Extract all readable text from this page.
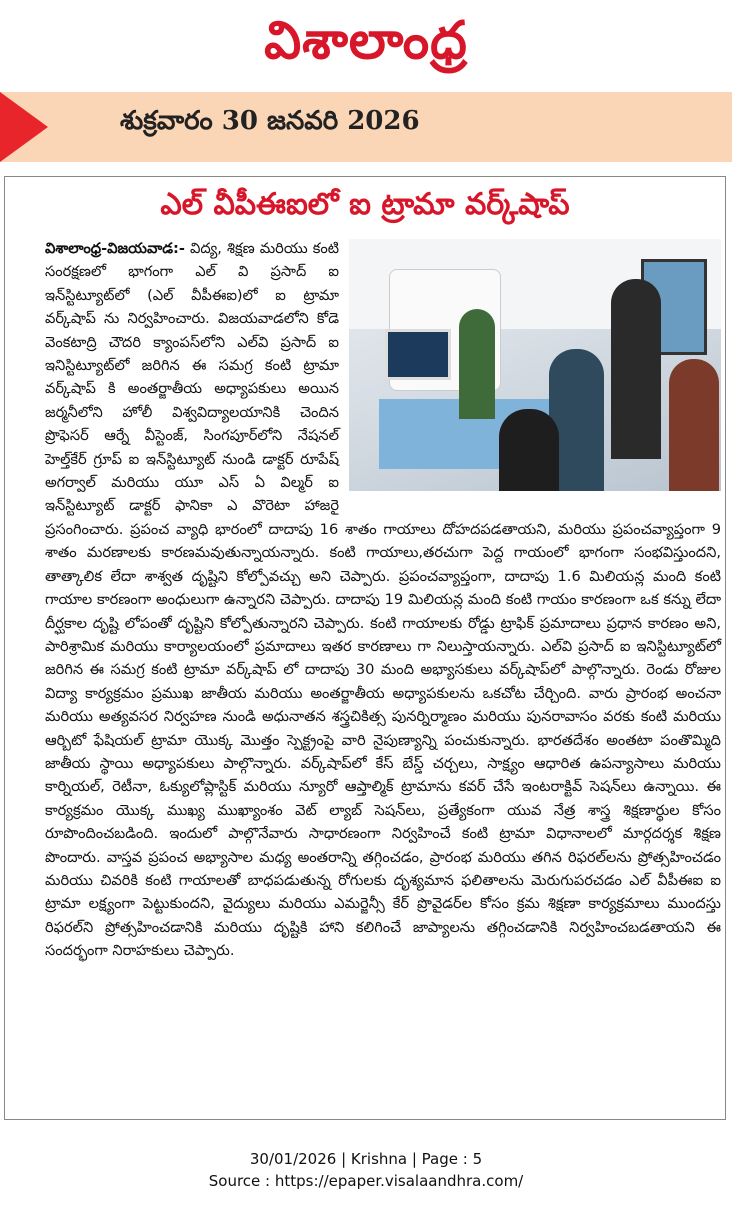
విశాలాంధ్ర
శుక్రవారం 30 జనవరి 2026
ఎల్ వీపీఈఐలో ఐ ట్రామా వర్క్‌షాప్
విశాలాంధ్ర-విజయవాడ:- విద్య, శిక్షణ మరియు కంటి సంరక్షణలో భాగంగా ఎల్ వి ప్రసాద్ ఐ ఇన్‌స్టిట్యూట్‌లో (ఎల్ వీపీఈఐ)లో ఐ ట్రామా వర్క్‌షాప్ ను నిర్వహించారు. విజయవాడలోని కోడె వెంకటాద్రి చౌదరి క్యాంపస్‌లోని ఎల్‌వి ప్రసాద్ ఐ ఇనిస్టిట్యూట్‌లో జరిగిన ఈ సమగ్ర కంటి ట్రామా వర్క్‌షాప్ కి అంతర్జాతీయ అధ్యాపకులు అయిన జర్మనీలోని హోలీ విశ్వవిద్యాలయానికి చెందిన ప్రొఫెసర్ ఆర్నే వీస్టెంజ్, సింగపూర్‌లోని నేషనల్ హెల్త్‌కేర్ గ్రూప్ ఐ ఇన్‌స్టిట్యూట్ నుండి డాక్టర్ రూపేష్ అగర్వాల్ మరియు యూ ఎస్ ఏ విల్మర్ ఐ ఇన్‌స్టిట్యూట్ డాక్టర్ ఫానికా ఎ వొరెటా హాజరై ప్రసంగించారు. ప్రపంచ వ్యాధి భారంలో దాదాపు 16 శాతం గాయాలు దోహదపడతాయని, మరియు ప్రపంచవ్యాప్తంగా 9 శాతం మరణాలకు కారణమవుతున్నాయన్నారు. కంటి గాయాలు,తరచుగా పెద్ద గాయంలో భాగంగా సంభవిస్తుందని, తాత్కాలిక లేదా శాశ్వత దృష్టిని కోల్పోవచ్చు అని చెప్పారు. ప్రపంచవ్యాప్తంగా, దాదాపు 1.6 మిలియన్ల మంది కంటి గాయాల కారణంగా అంధులుగా ఉన్నారని చెప్పారు. దాదాపు 19 మిలియన్ల మంది కంటి గాయం కారణంగా ఒక కన్ను లేదా దీర్ఘకాల దృష్టి లోపంతో దృష్టిని కోల్పోతున్నారని చెప్పారు. కంటి గాయాలకు రోడ్డు ట్రాఫిక్ ప్రమాదాలు ప్రధాన కారణం అని, పారిశ్రామిక మరియు కార్యాలయంలో ప్రమాదాలు ఇతర కారణాలు గా నిలుస్తాయన్నారు. ఎల్‌వి ప్రసాద్ ఐ ఇనిస్టిట్యూట్‌లో జరిగిన ఈ సమగ్ర కంటి ట్రామా వర్క్‌షాప్ లో దాదాపు 30 మంది అభ్యాసకులు వర్క్‌షాప్‌లో పాల్గొన్నారు. రెండు రోజుల విద్యా కార్యక్రమం ప్రముఖ జాతీయ మరియు అంతర్జాతీయ అధ్యాపకులను ఒకచోట చేర్చింది. వారు ప్రారంభ అంచనా మరియు అత్యవసర నిర్వహణ నుండి అధునాతన శస్త్రచికిత్స పునర్నిర్మాణం మరియు పునరావాసం వరకు కంటి మరియు ఆర్బిటో ఫేషియల్ ట్రామా యొక్క మొత్తం స్పెక్ట్రంపై వారి నైపుణ్యాన్ని పంచుకున్నారు. భారతదేశం అంతటా పంతొమ్మిది జాతీయ స్థాయి అధ్యాపకులు పాల్గొన్నారు. వర్క్‌షాప్‌లో కేస్ బేస్డ్ చర్చలు, సాక్ష్యం ఆధారిత ఉపన్యాసాలు మరియు కార్నియల్, రెటీనా, ఓక్యులోప్లాస్టిక్ మరియు న్యూరో ఆప్తాల్మిక్ ట్రామాను కవర్ చేసే ఇంటరాక్టివ్ సెషన్‌లు ఉన్నాయి. ఈ కార్యక్రమం యొక్క ముఖ్య ముఖ్యాంశం వెట్ ల్యాబ్ సెషన్‌లు, ప్రత్యేకంగా యువ నేత్ర శాస్త్ర శిక్షణార్థుల కోసం రూపొందించబడింది. ఇందులో పాల్గొనేవారు సాధారణంగా నిర్వహించే కంటి ట్రామా విధానాలలో మార్గదర్శక శిక్షణ పొందారు. వాస్తవ ప్రపంచ అభ్యాసాల మధ్య అంతరాన్ని తగ్గించడం, ప్రారంభ మరియు తగిన రిఫరల్‌లను ప్రోత్సహించడం మరియు చివరికి కంటి గాయాలతో బాధపడుతున్న రోగులకు దృశ్యమాన ఫలితాలను మెరుగుపరచడం ఎల్ వీపీఈఐ ఐ ట్రామా లక్ష్యంగా పెట్టుకుందని, వైద్యులు మరియు ఎమర్జెన్సీ కేర్ ప్రొవైడర్‌ల కోసం క్రమ శిక్షణా కార్యక్రమాలు ముందస్తు రిఫరల్‌ని ప్రోత్సహించడానికి మరియు దృష్టికి హాని కలిగించే జాప్యాలను తగ్గించడానికి నిర్వహించబడతాయని ఈ సందర్భంగా నిరాహకులు చెప్పారు.
30/01/2026 | Krishna | Page : 5
Source : https://epaper.visalaandhra.com/
